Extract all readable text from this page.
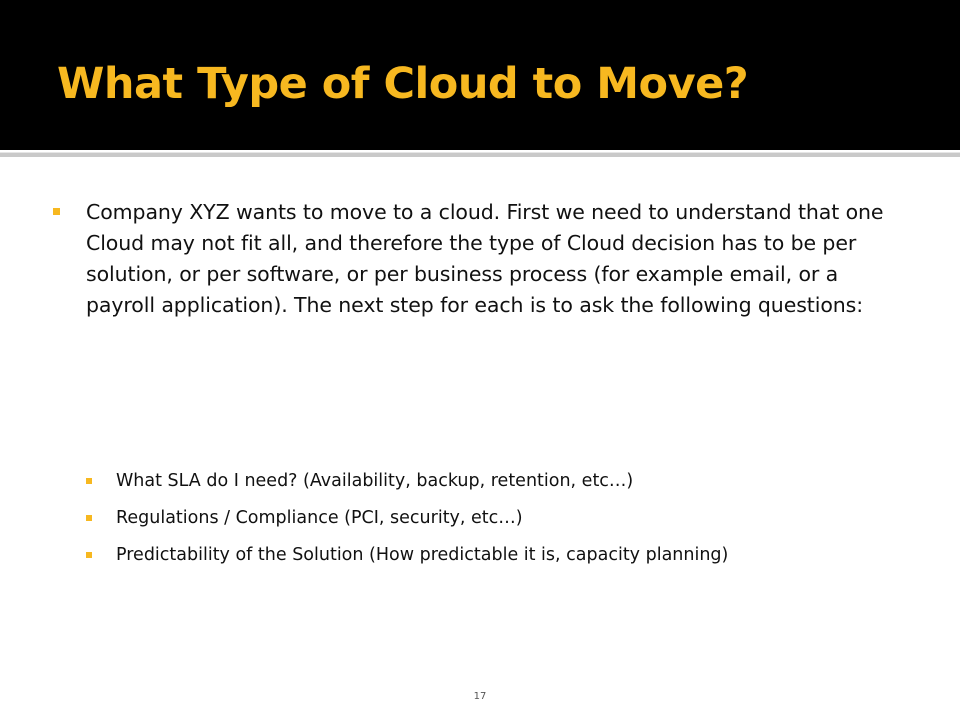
What Type of Cloud to Move?
Company XYZ wants to move to a cloud. First we need to understand that one Cloud may not fit all, and therefore the type of Cloud decision has to be per solution, or per software, or per business process (for example email, or a payroll application). The next step for each is to ask the following questions:
What SLA do I need? (Availability, backup, retention, etc…)
Regulations / Compliance (PCI, security, etc…)
Predictability of the Solution (How predictable it is, capacity planning)
17
